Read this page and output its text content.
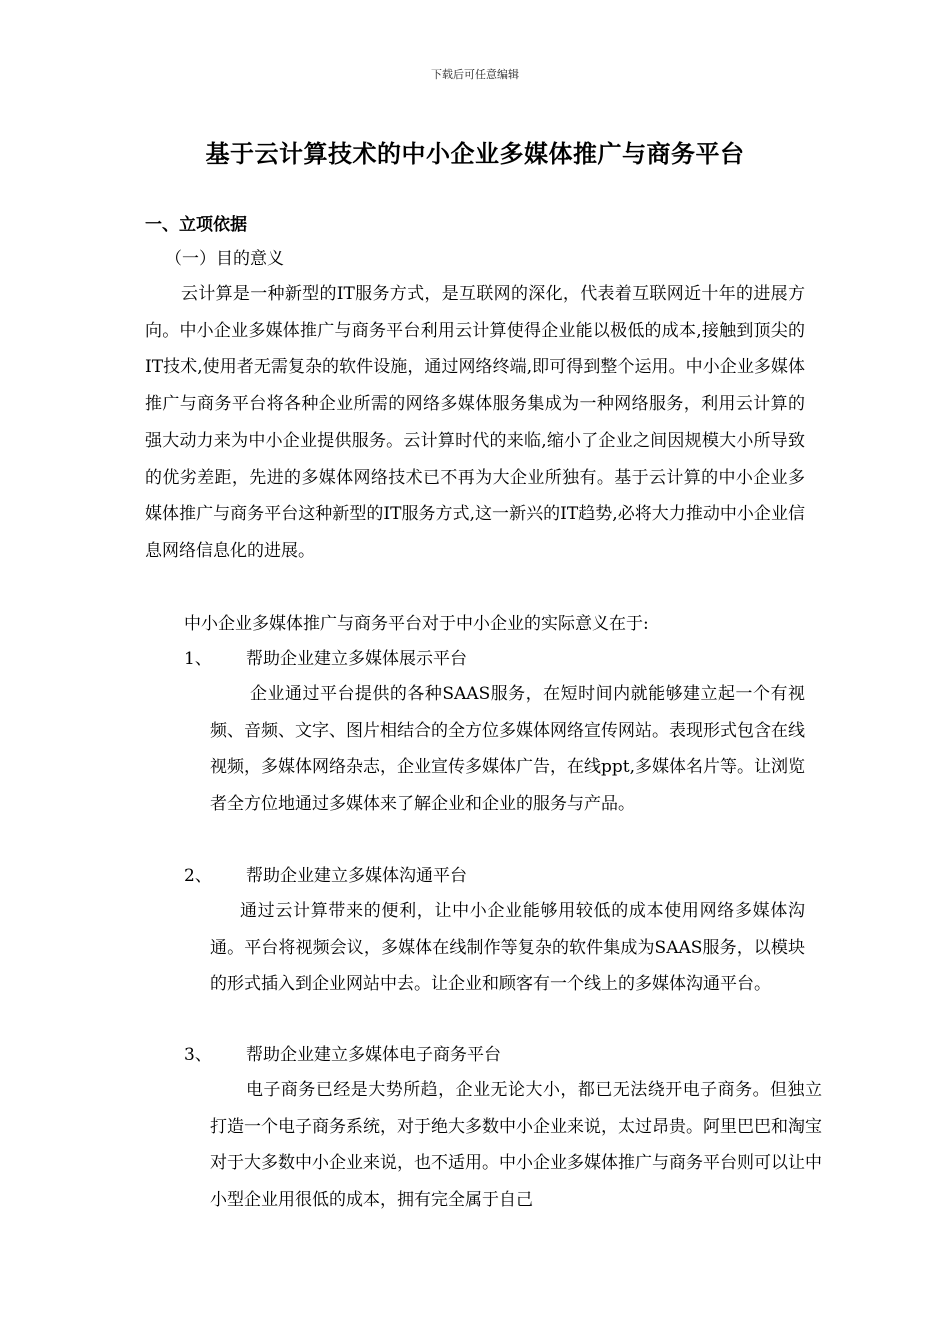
下载后可任意编辑
基于云计算技术的中小企业多媒体推广与商务平台
一、立项依据
（一）目的意义

云计算是一种新型的IT服务方式，是互联网的深化，代表着互联网近十年的进展方向。中小企业多媒体推广与商务平台利用云计算使得企业能以极低的成本,接触到顶尖的IT技术,使用者无需复杂的软件设施，通过网络终端,即可得到整个运用。中小企业多媒体推广与商务平台将各种企业所需的网络多媒体服务集成为一种网络服务，利用云计算的强大动力来为中小企业提供服务。云计算时代的来临,缩小了企业之间因规模大小所导致的优劣差距，先进的多媒体网络技术已不再为大企业所独有。基于云计算的中小企业多媒体推广与商务平台这种新型的IT服务方式,这一新兴的IT趋势,必将大力推动中小企业信息网络信息化的进展。

中小企业多媒体推广与商务平台对于中小企业的实际意义在于:

1、 帮助企业建立多媒体展示平台

企业通过平台提供的各种SAAS服务，在短时间内就能够建立起一个有视频、音频、文字、图片相结合的全方位多媒体网络宣传网站。表现形式包含在线视频，多媒体网络杂志，企业宣传多媒体广告，在线ppt,多媒体名片等。让浏览者全方位地通过多媒体来了解企业和企业的服务与产品。

2、 帮助企业建立多媒体沟通平台

通过云计算带来的便利，让中小企业能够用较低的成本使用网络多媒体沟通。平台将视频会议，多媒体在线制作等复杂的软件集成为SAAS服务，以模块的形式插入到企业网站中去。让企业和顾客有一个线上的多媒体沟通平台。

3、 帮助企业建立多媒体电子商务平台

电子商务已经是大势所趋，企业无论大小，都已无法绕开电子商务。但独立打造一个电子商务系统，对于绝大多数中小企业来说，太过昂贵。阿里巴巴和淘宝对于大多数中小企业来说，也不适用。中小企业多媒体推广与商务平台则可以让中小型企业用很低的成本，拥有完全属于自己
